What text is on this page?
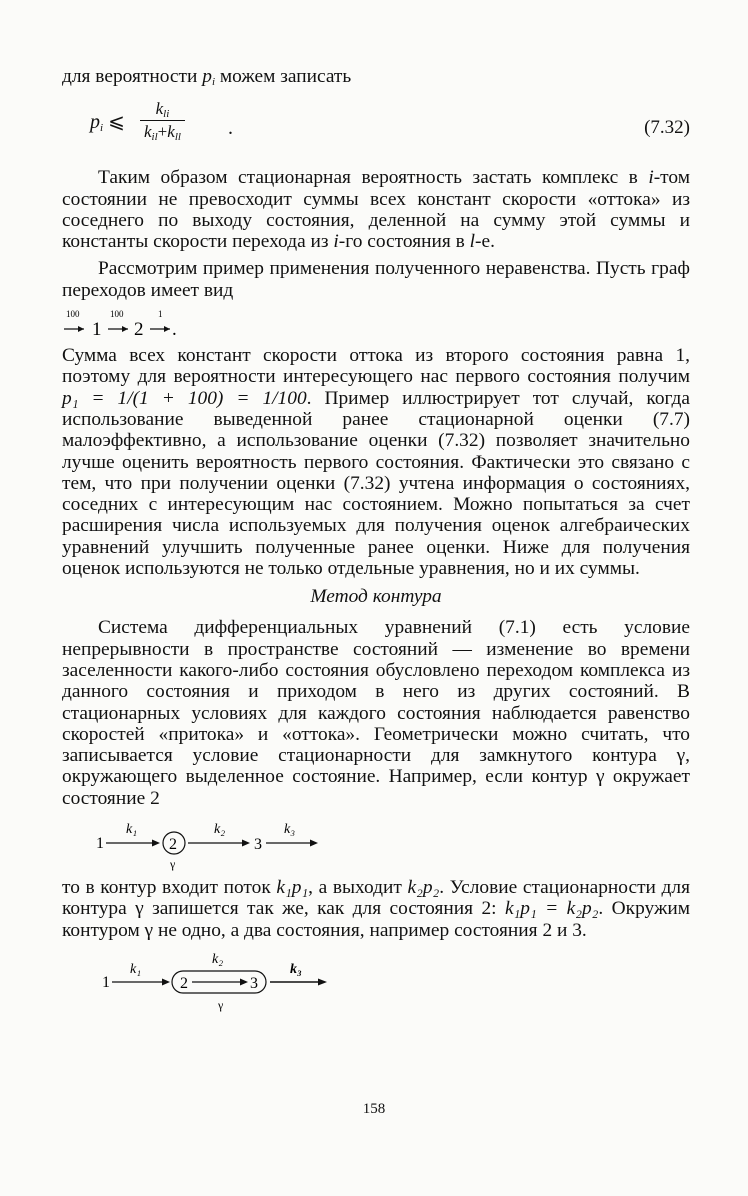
для вероятности $p_i$ можем записать

$p_i$ ⩽
$k_{li}$
$k_{il}+k_{ll}$ .	(7.32)

Таким образом стационарная вероятность застать комплекс в i-том состоянии не превосходит суммы всех констант скорости «оттока» из соседнего по выходу состояния, деленной на сумму этой суммы и константы скорости перехода из i-го состояния в l-е.

Рассмотрим пример применения полученного неравенства. Пусть граф переходов имеет вид

100
1
100
2
1
.

Сумма всех констант скорости оттока из второго состояния равна 1, поэтому для вероятности интересующего нас первого состояния получим p₁ = 1/(1 + 100) = 1/100. Пример иллюстрирует тот случай, когда использование выведенной ранее стационарной оценки (7.7) малоэффективно, а использование оценки (7.32) позволяет значительно лучше оценить вероятность первого состояния. Фактически это связано с тем, что при получении оценки (7.32) учтена информация о состояниях, соседних с интересующим нас состоянием. Можно попытаться за счет расширения числа используемых для получения оценок алгебраических уравнений улучшить полученные ранее оценки. Ниже для получения оценок используются не только отдельные уравнения, но и их суммы.

Метод контура

Система дифференциальных уравнений (7.1) есть условие непрерывности в пространстве состояний — изменение во времени заселенности какого-либо состояния обусловлено переходом комплекса из данного состояния и приходом в него из других состояний. В стационарных условиях для каждого состояния наблюдается равенство скоростей «притока» и «оттока». Геометрически можно считать, что записывается условие стационарности для замкнутого контура γ, окружающего выделенное состояние. Например, если контур γ окружает состояние 2

1
k₁
2
γ
k₂
3
k₃

то в контур входит поток k₁p₁, а выходит k₂p₂. Условие стационарности для контура γ запишется так же, как для состояния 2: k₁p₁ = k₂p₂. Окружим контуром γ не одно, а два состояния, например состояния 2 и 3.

1
k₁
2
k₂
3
γ
k₃
158
